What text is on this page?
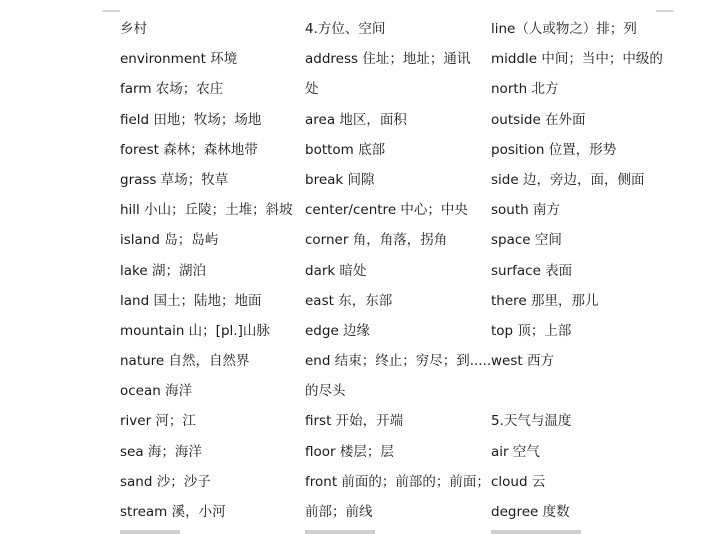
乡村
environment 环境
farm 农场；农庄
field 田地；牧场；场地
forest 森林；森林地带
grass 草场；牧草
hill 小山；丘陵；土堆；斜坡
island 岛；岛屿
lake 湖；湖泊
land 国土；陆地；地面
mountain 山；[pl.]山脉
nature 自然，自然界
ocean 海洋
river 河；江
sea 海；海洋
sand 沙；沙子
stream 溪，小河
4.方位、空间
address 住址；地址；通讯
处
area 地区，面积
bottom 底部
break 间隙
center/centre 中心；中央
corner 角，角落，拐角
dark 暗处
east 东，东部
edge 边缘
end 结束；终止；穷尽；到.....
的尽头
first 开始，开端
floor 楼层；层
front 前面的；前部的；前面；
前部；前线
line（人或物之）排；列
middle 中间；当中；中级的
north 北方
outside 在外面
position 位置，形势
side 边，旁边，面，侧面
south 南方
space 空间
surface 表面
there 那里，那儿
top 顶；上部
west 西方
5.天气与温度
air 空气
cloud 云
degree 度数
